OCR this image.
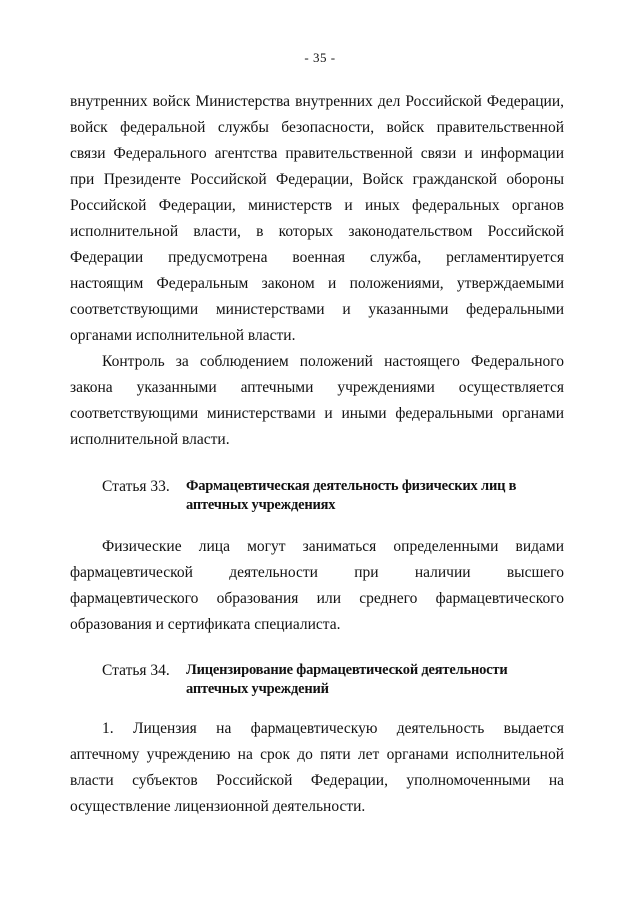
- 35 -
внутренних войск Министерства внутренних дел Российской Федерации,
войск федеральной службы безопасности, войск правительственной
связи Федерального агентства правительственной связи и информации
при Президенте Российской Федерации, Войск гражданской обороны
Российской Федерации, министерств и иных федеральных органов
исполнительной власти, в которых законодательством Российской
Федерации предусмотрена военная служба, регламентируется
настоящим Федеральным законом и положениями, утверждаемыми
соответствующими министерствами и указанными федеральными
органами исполнительной власти.
Контроль за соблюдением положений настоящего Федерального
закона указанными аптечными учреждениями осуществляется
соответствующими министерствами и иными федеральными органами
исполнительной власти.
Статья 33. Фармацевтическая деятельность физических лиц в
аптечных учреждениях
Физические лица могут заниматься определенными видами
фармацевтической деятельности при наличии высшего
фармацевтического образования или среднего фармацевтического
образования и сертификата специалиста.
Статья 34. Лицензирование фармацевтической деятельности
аптечных учреждений
1. Лицензия на фармацевтическую деятельность выдается
аптечному учреждению на срок до пяти лет органами исполнительной
власти субъектов Российской Федерации, уполномоченными на
осуществление лицензионной деятельности.
